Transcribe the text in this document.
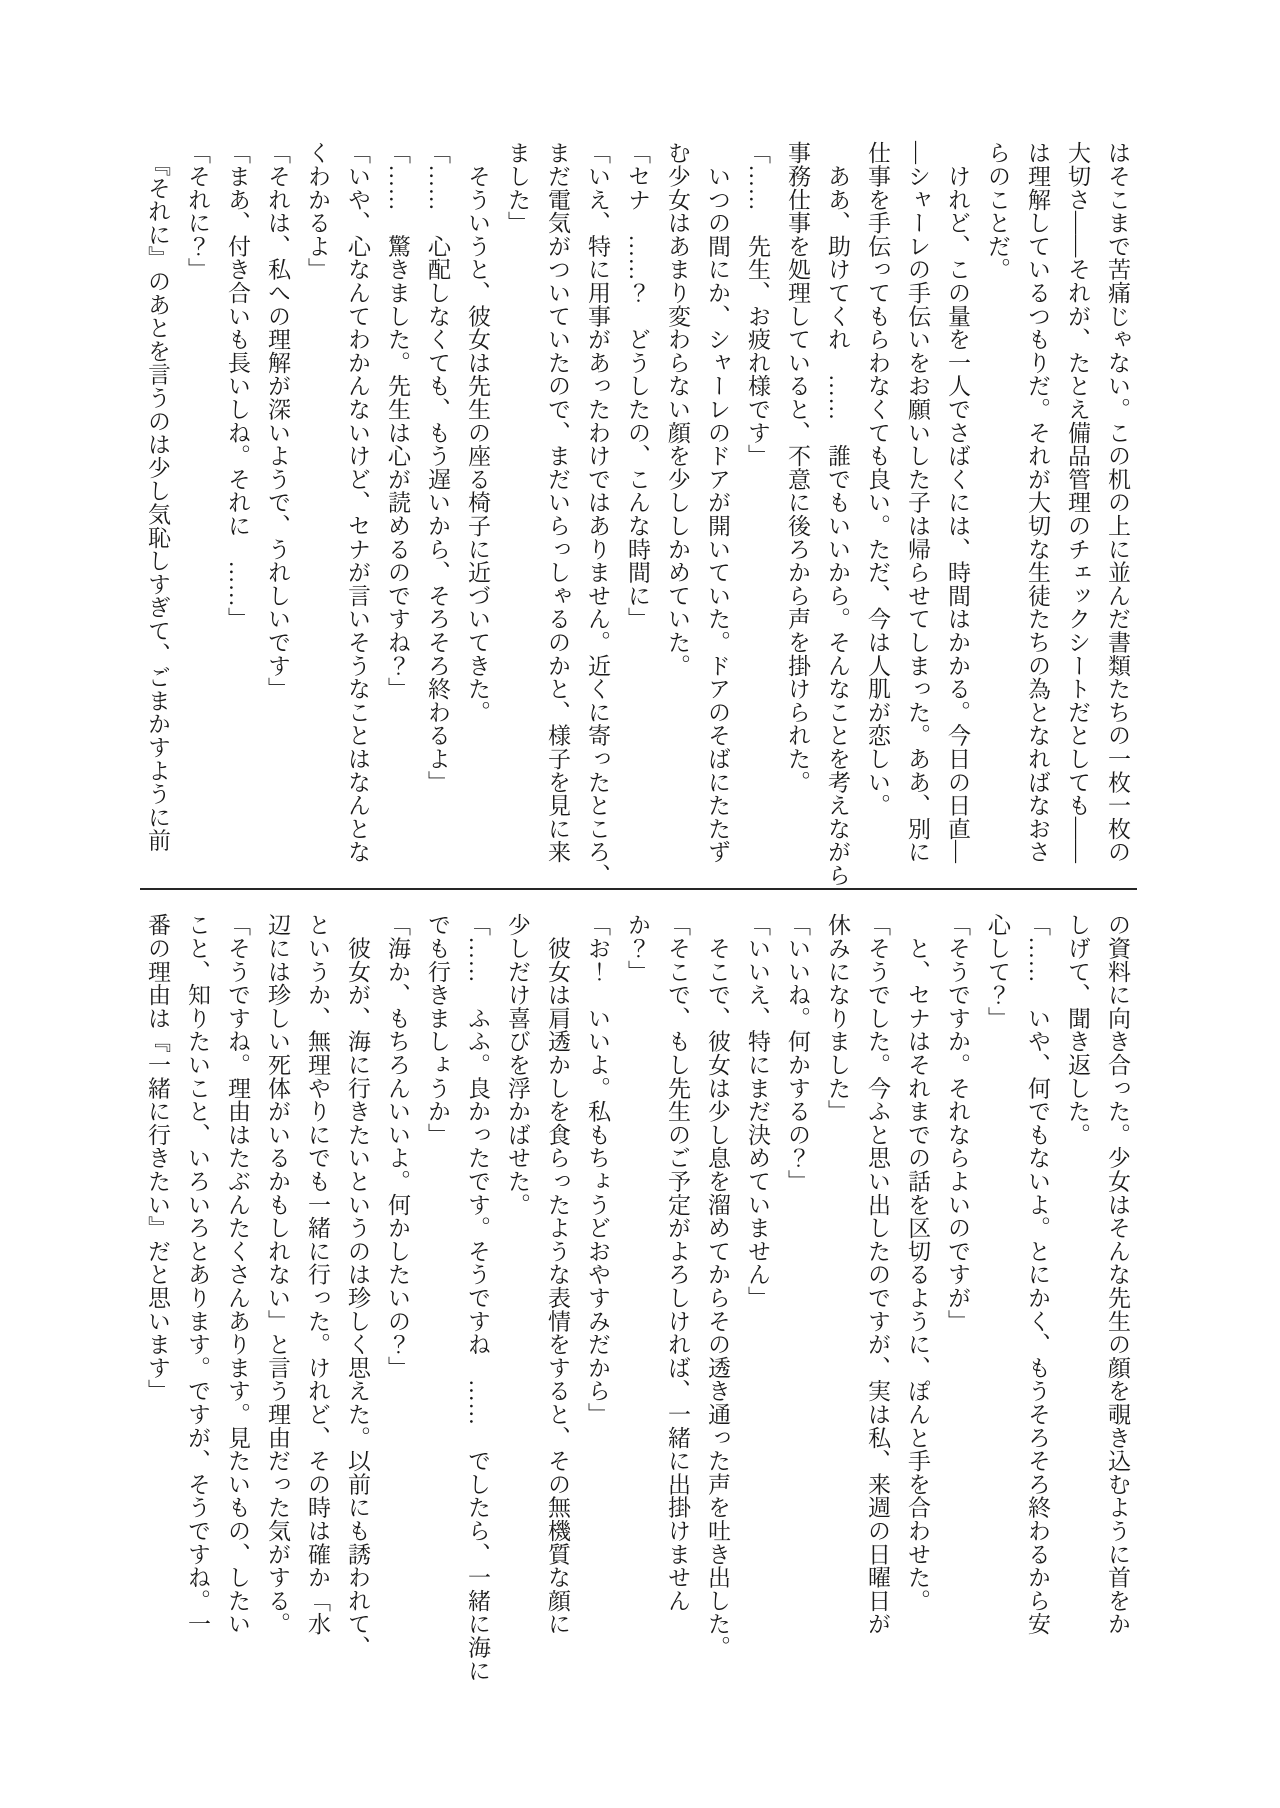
はそこまで苦痛じゃない。この机の上に並んだ書類たちの一枚一枚の
大切さ――それが、たとえ備品管理のチェックシートだとしても――
は理解しているつもりだ。それが大切な生徒たちの為となればなおさ
らのことだ。
　けれど、この量を一人でさばくには、時間はかかる。今日の日直―
―シャーレの手伝いをお願いした子は帰らせてしまった。ああ、別に
仕事を手伝ってもらわなくても良い。ただ、今は人肌が恋しい。
　ああ、助けてくれ　……　誰でもいいから。そんなことを考えながら
事務仕事を処理していると、不意に後ろから声を掛けられた。
「……　先生、お疲れ様です」
　いつの間にか、シャーレのドアが開いていた。ドアのそばにたたず
む少女はあまり変わらない顔を少ししかめていた。
「セナ　……？　どうしたの、こんな時間に」
「いえ、特に用事があったわけではありません。近くに寄ったところ、
まだ電気がついていたので、まだいらっしゃるのかと、様子を見に来
ました」
　そういうと、彼女は先生の座る椅子に近づいてきた。
「……　心配しなくても、もう遅いから、そろそろ終わるよ」
「……　驚きました。先生は心が読めるのですね？」
「いや、心なんてわかんないけど、セナが言いそうなことはなんとな
くわかるよ」
「それは、私への理解が深いようで、うれしいです」
「まあ、付き合いも長いしね。それに　……」
「それに？」
　『それに』のあとを言うのは少し気恥しすぎて、ごまかすように前
の資料に向き合った。少女はそんな先生の顔を覗き込むように首をか
しげて、聞き返した。
「……　いや、何でもないよ。とにかく、もうそろそろ終わるから安
心して？」
「そうですか。それならよいのですが」
　と、セナはそれまでの話を区切るように、ぽんと手を合わせた。
「そうでした。今ふと思い出したのですが、実は私、来週の日曜日が
休みになりました」
「いいね。何かするの？」
「いいえ、特にまだ決めていません」
　そこで、彼女は少し息を溜めてからその透き通った声を吐き出した。
「そこで、もし先生のご予定がよろしければ、一緒に出掛けません
か？」
「お！　いいよ。私もちょうどおやすみだから」
　彼女は肩透かしを食らったような表情をすると、その無機質な顔に
少しだけ喜びを浮かばせた。
「……　ふふ。良かったです。そうですね　……　でしたら、一緒に海に
でも行きましょうか」
「海か、もちろんいいよ。何かしたいの？」
　彼女が、海に行きたいというのは珍しく思えた。以前にも誘われて、
というか、無理やりにでも一緒に行った。けれど、その時は確か「水
辺には珍しい死体がいるかもしれない」と言う理由だった気がする。
「そうですね。理由はたぶんたくさんあります。見たいもの、したい
こと、知りたいこと、いろいろとあります。ですが、そうですね。一
番の理由は『一緒に行きたい』だと思います」
